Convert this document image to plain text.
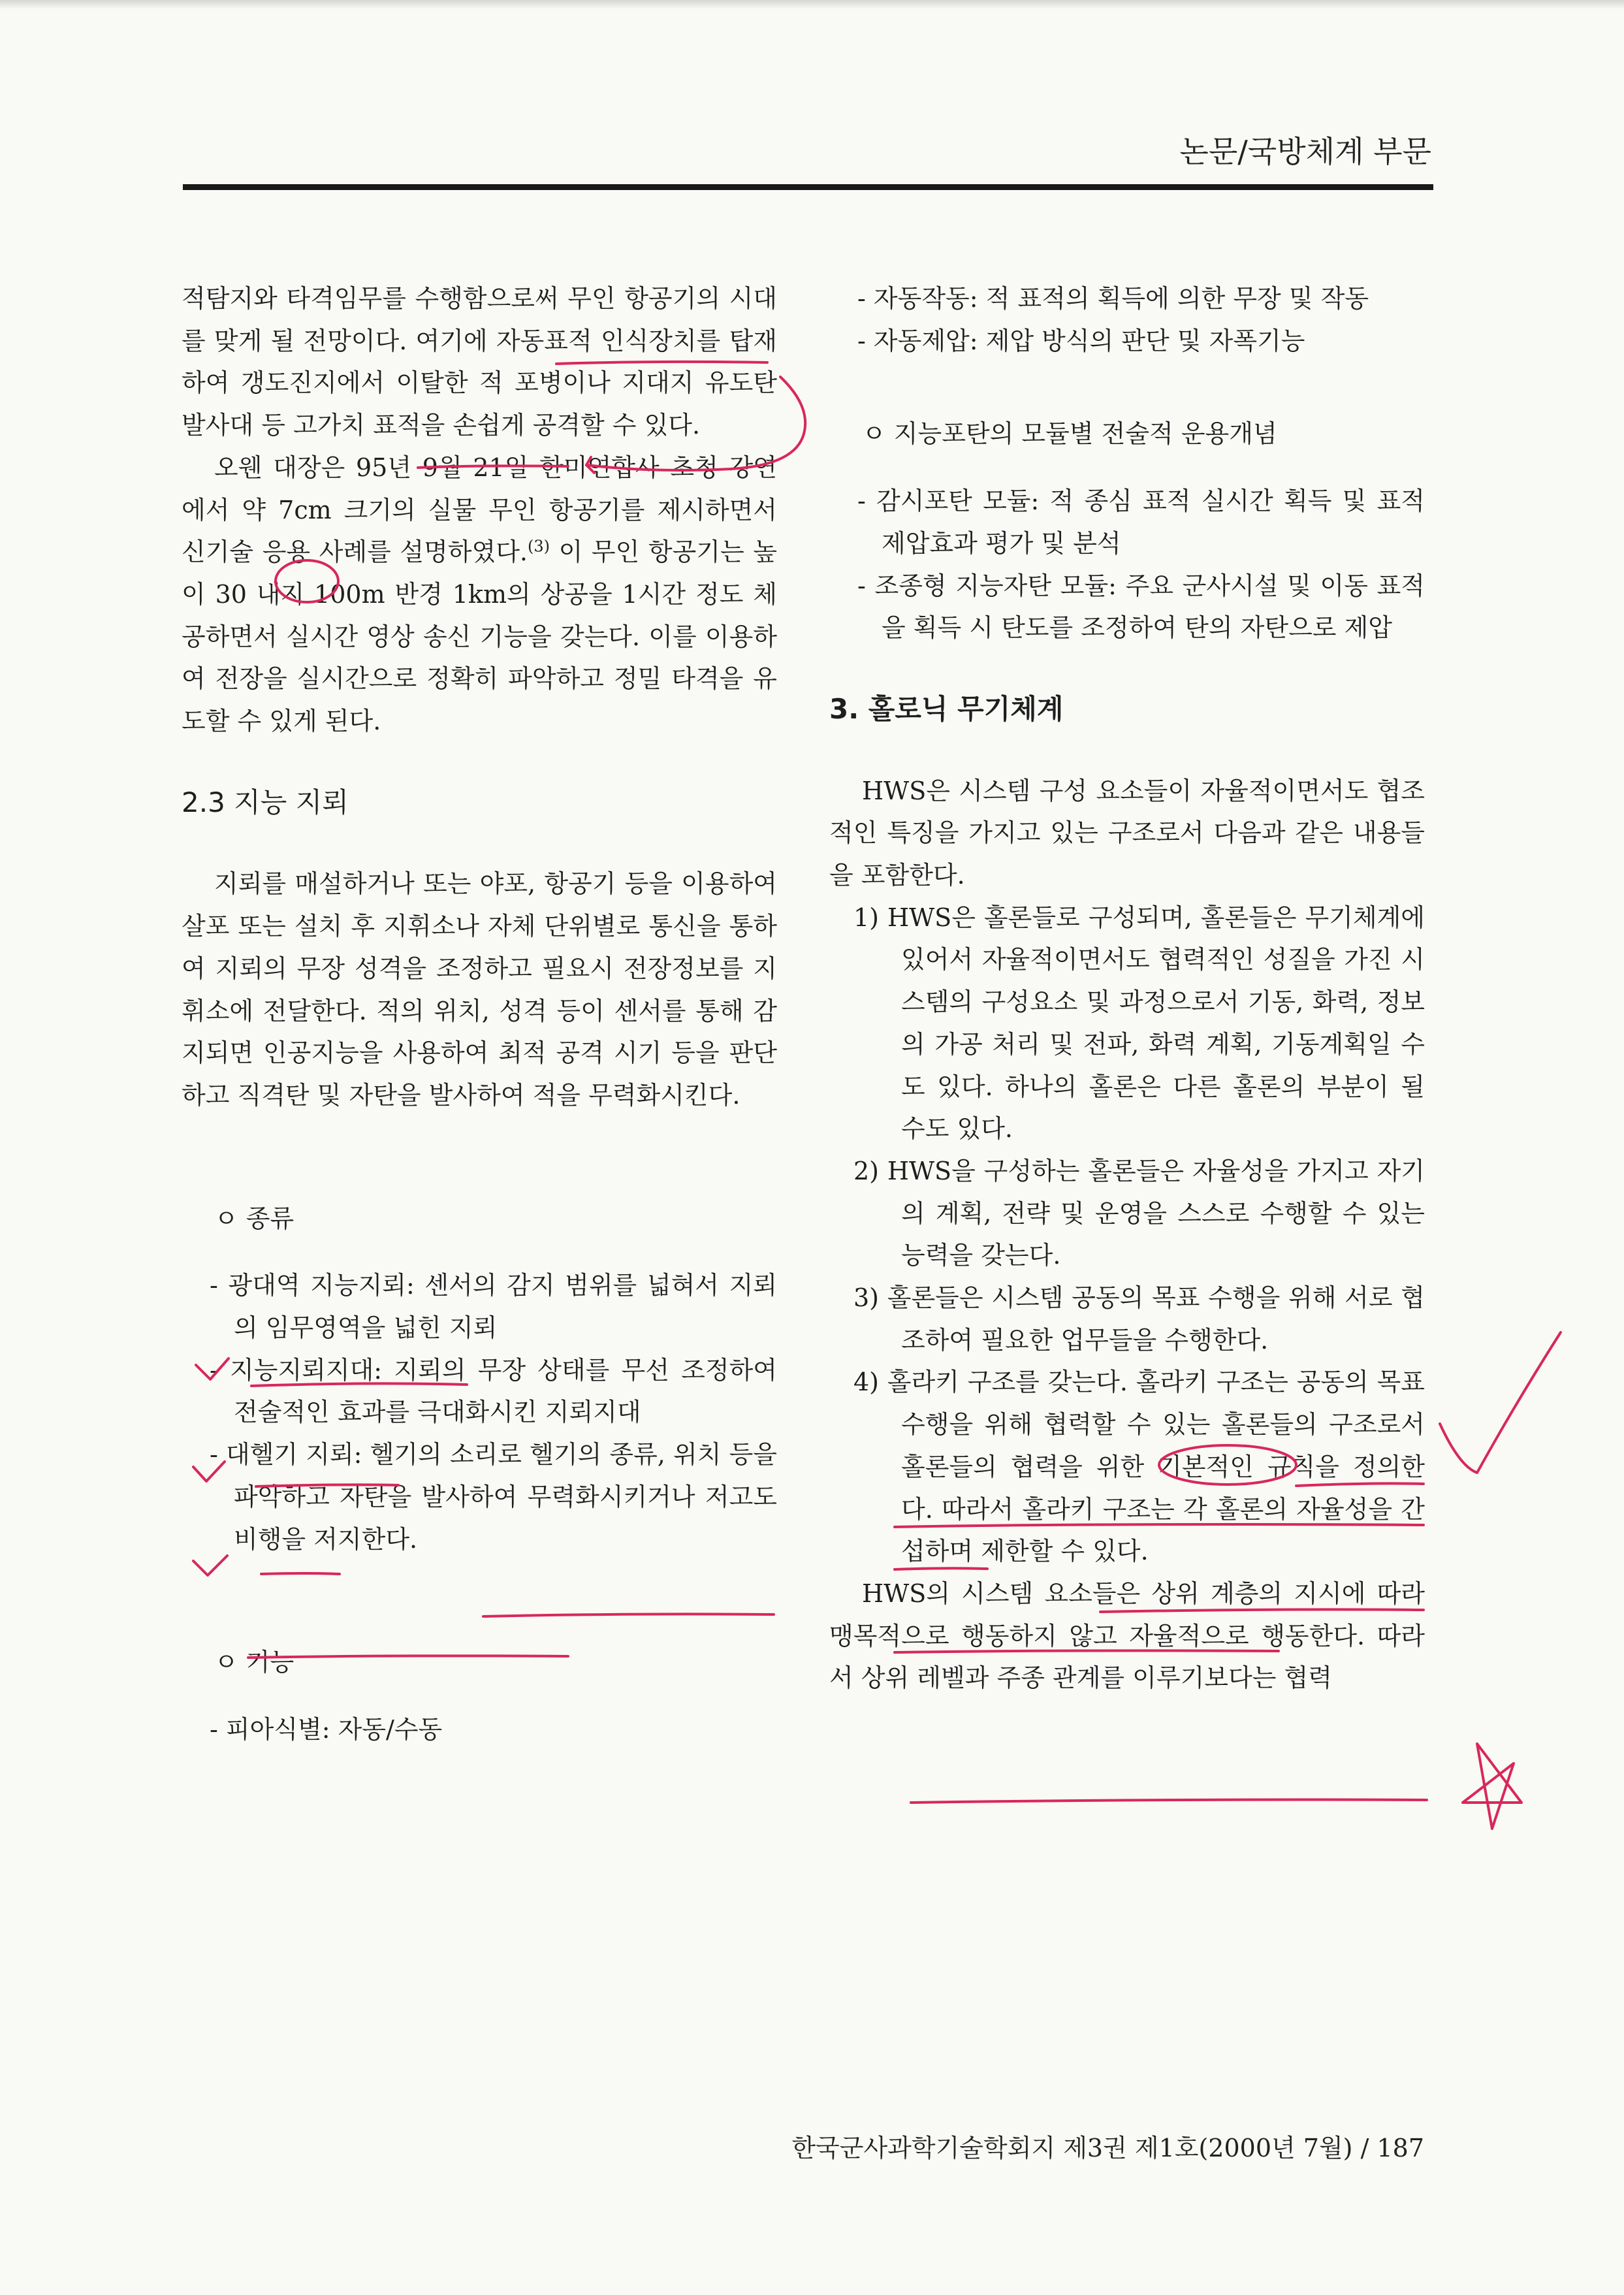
논문/국방체계 부문

적탐지와 타격임무를 수행함으로써 무인 항공기의 시대를 맞게 될 전망이다. 여기에 자동표적 인식장치를 탑재하여 갱도진지에서 이탈한 적 포병이나 지대지 유도탄 발사대 등 고가치 표적을 손쉽게 공격할 수 있다.

오웬 대장은 95년 9월 21일 한미연합사 초청 강연에서 약 7cm 크기의 실물 무인 항공기를 제시하면서 신기술 응용 사례를 설명하였다.$^{(3)}$ 이 무인 항공기는 높이 30 내지 100m 반경 1km의 상공을 1시간 정도 체공하면서 실시간 영상 송신 기능을 갖는다. 이를 이용하여 전장을 실시간으로 정확히 파악하고 정밀 타격을 유도할 수 있게 된다.

2.3 지능 지뢰

지뢰를 매설하거나 또는 야포, 항공기 등을 이용하여 살포 또는 설치 후 지휘소나 자체 단위별로 통신을 통하여 지뢰의 무장 성격을 조정하고 필요시 전장정보를 지휘소에 전달한다. 적의 위치, 성격 등이 센서를 통해 감지되면 인공지능을 사용하여 최적 공격 시기 등을 판단하고 직격탄 및 자탄을 발사하여 적을 무력화시킨다.

ㅇ 종류

- 광대역 지능지뢰: 센서의 감지 범위를 넓혀서 지뢰의 임무영역을 넓힌 지뢰

- 지능지뢰지대: 지뢰의 무장 상태를 무선 조정하여 전술적인 효과를 극대화시킨 지뢰지대

- 대헬기 지뢰: 헬기의 소리로 헬기의 종류, 위치 등을 파악하고 자탄을 발사하여 무력화시키거나 저고도 비행을 저지한다.

ㅇ 기능

- 피아식별: 자동/수동

- 자동작동: 적 표적의 획득에 의한 무장 및 작동

- 자동제압: 제압 방식의 판단 및 자폭기능

ㅇ 지능포탄의 모듈별 전술적 운용개념

- 감시포탄 모듈: 적 종심 표적 실시간 획득 및 표적 제압효과 평가 및 분석

- 조종형 지능자탄 모듈: 주요 군사시설 및 이동 표적을 획득 시 탄도를 조정하여 탄의 자탄으로 제압

3. 홀로닉 무기체계

HWS은 시스템 구성 요소들이 자율적이면서도 협조적인 특징을 가지고 있는 구조로서 다음과 같은 내용들을 포함한다.

1) HWS은 홀론들로 구성되며, 홀론들은 무기체계에 있어서 자율적이면서도 협력적인 성질을 가진 시스템의 구성요소 및 과정으로서 기동, 화력, 정보의 가공 처리 및 전파, 화력 계획, 기동계획일 수도 있다. 하나의 홀론은 다른 홀론의 부분이 될 수도 있다.

2) HWS을 구성하는 홀론들은 자율성을 가지고 자기의 계획, 전략 및 운영을 스스로 수행할 수 있는 능력을 갖는다.

3) 홀론들은 시스템 공동의 목표 수행을 위해 서로 협조하여 필요한 업무들을 수행한다.

4) 홀라키 구조를 갖는다. 홀라키 구조는 공동의 목표 수행을 위해 협력할 수 있는 홀론들의 구조로서 홀론들의 협력을 위한 기본적인 규칙을 정의한다. 따라서 홀라키 구조는 각 홀론의 자율성을 간섭하며 제한할 수 있다.

HWS의 시스템 요소들은 상위 계층의 지시에 따라 맹목적으로 행동하지 않고 자율적으로 행동한다. 따라서 상위 레벨과 주종 관계를 이루기보다는 협력

한국군사과학기술학회지 제3권 제1호(2000년 7월) / 187
